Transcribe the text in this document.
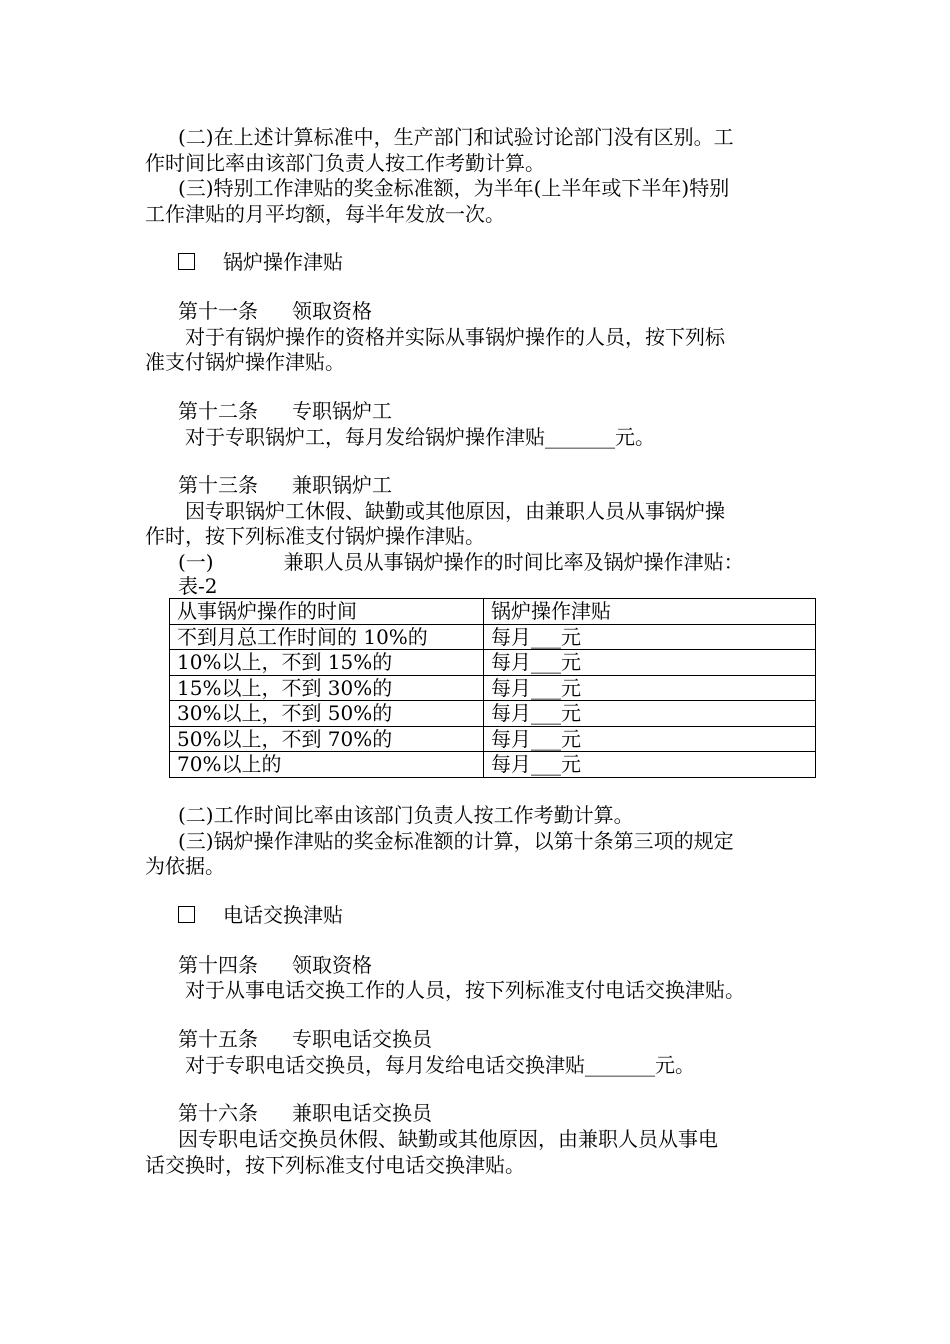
(二)在上述计算标准中，生产部门和试验讨论部门没有区别。工
作时间比率由该部门负责人按工作考勤计算。
(三)特别工作津贴的奖金标准额，为半年(上半年或下半年)特别
工作津贴的月平均额，每半年发放一次。
锅炉操作津贴
第十一条 领取资格
对于有锅炉操作的资格并实际从事锅炉操作的人员，按下列标
准支付锅炉操作津贴。
第十二条 专职锅炉工
对于专职锅炉工，每月发给锅炉操作津贴_______元。
第十三条 兼职锅炉工
因专职锅炉工休假、缺勤或其他原因，由兼职人员从事锅炉操
作时，按下列标准支付锅炉操作津贴。
(一)	兼职人员从事锅炉操作的时间比率及锅炉操作津贴：
表-2
从事锅炉操作的时间	锅炉操作津贴
不到月总工作时间的 10%的	每月___元
10%以上，不到 15%的	每月___元
15%以上，不到 30%的	每月___元
30%以上，不到 50%的	每月___元
50%以上，不到 70%的	每月___元
70%以上的	每月___元
(二)工作时间比率由该部门负责人按工作考勤计算。
(三)锅炉操作津贴的奖金标准额的计算，以第十条第三项的规定
为依据。
电话交换津贴
第十四条 领取资格
对于从事电话交换工作的人员，按下列标准支付电话交换津贴。
第十五条 专职电话交换员
对于专职电话交换员，每月发给电话交换津贴_______元。
第十六条 兼职电话交换员
因专职电话交换员休假、缺勤或其他原因，由兼职人员从事电
话交换时，按下列标准支付电话交换津贴。
